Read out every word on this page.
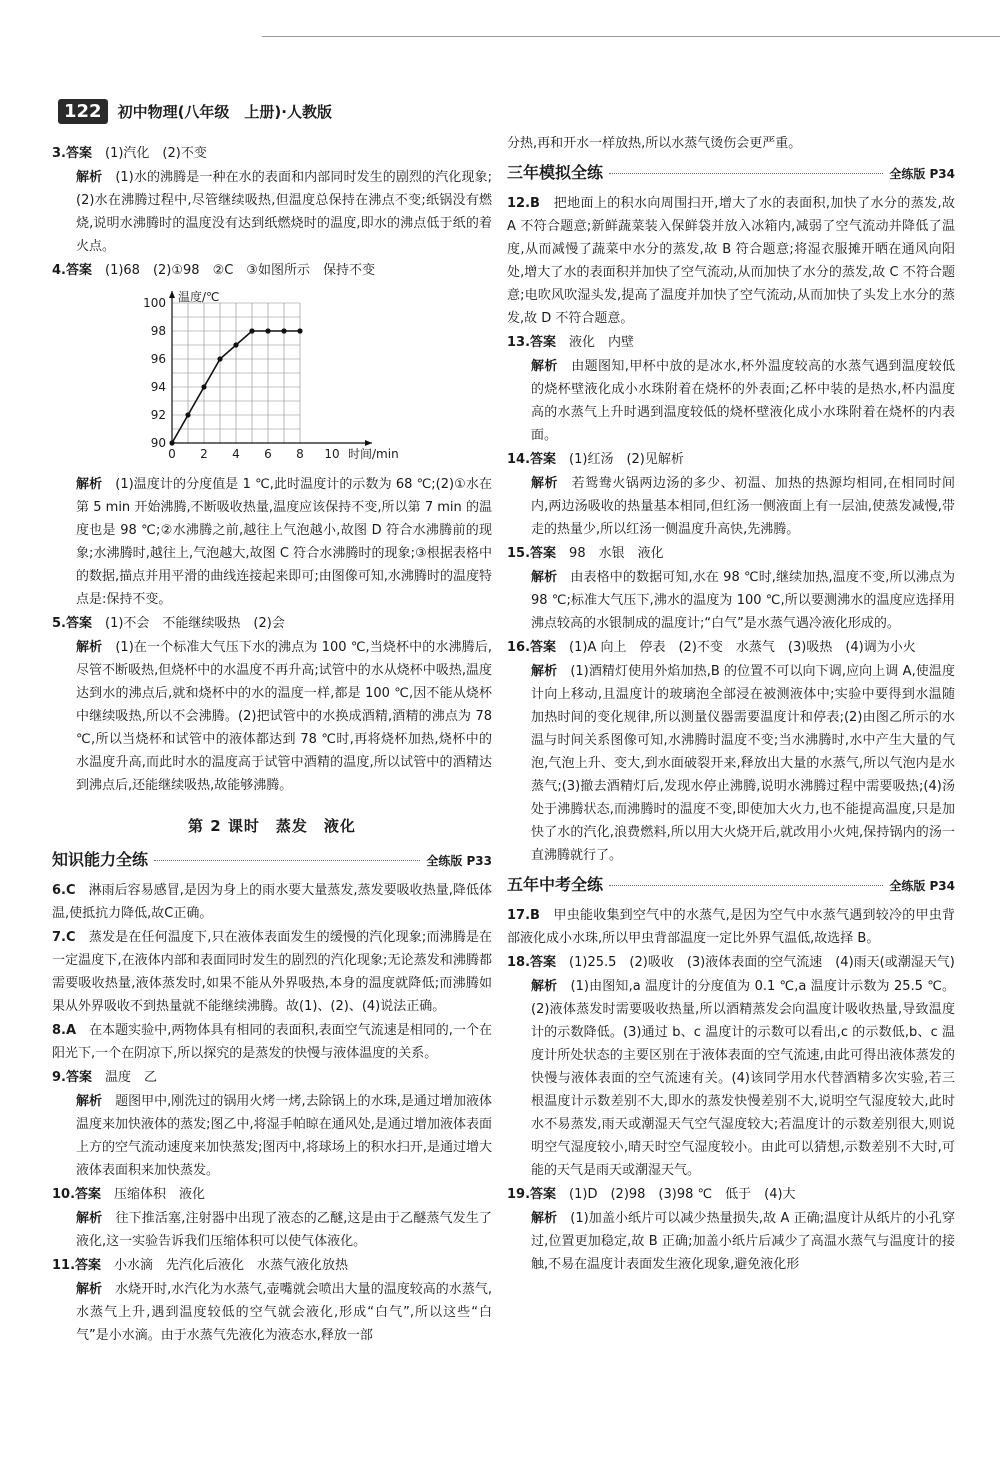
122	初中物理(八年级　上册)·人教版

3.答案　 (1)汽化　(2)不变

解析　 (1)水的沸腾是一种在水的表面和内部同时发生的剧烈的汽化现象;(2)水在沸腾过程中,尽管继续吸热,但温度总保持在沸点不变;纸锅没有燃烧,说明水沸腾时的温度没有达到纸燃烧时的温度,即水的沸点低于纸的着火点。

4.答案　 (1)68　(2)①98　②C　③如图所示　保持不变

0 2 4 6 8 10
90
92
94
96
98
100 温度/℃
时间/min

解析　 (1)温度计的分度值是 1 ℃,此时温度计的示数为 68 ℃;(2)①水在第 5 min 开始沸腾,不断吸收热量,温度应该保持不变,所以第 7 min 的温度也是 98 ℃;②水沸腾之前,越往上气泡越小,故图 D 符合水沸腾前的现象;水沸腾时,越往上,气泡越大,故图 C 符合水沸腾时的现象;③根据表格中的数据,描点并用平滑的曲线连接起来即可;由图像可知,水沸腾时的温度特点是:保持不变。

5.答案　 (1)不会　不能继续吸热　(2)会

解析　 (1)在一个标准大气压下水的沸点为 100 ℃,当烧杯中的水沸腾后,尽管不断吸热,但烧杯中的水温度不再升高;试管中的水从烧杯中吸热,温度达到水的沸点后,就和烧杯中的水的温度一样,都是 100 ℃,因不能从烧杯中继续吸热,所以不会沸腾。(2)把试管中的水换成酒精,酒精的沸点为 78 ℃,所以当烧杯和试管中的液体都达到 78 ℃时,再将烧杯加热,烧杯中的水温度升高,而此时水的温度高于试管中酒精的温度,所以试管中的酒精达到沸点后,还能继续吸热,故能够沸腾。

第 2 课时　蒸发　液化
知识能力全练	全练版 P33

6.C　 淋雨后容易感冒,是因为身上的雨水要大量蒸发,蒸发要吸收热量,降低体温,使抵抗力降低,故C正确。

7.C　 蒸发是在任何温度下,只在液体表面发生的缓慢的汽化现象;而沸腾是在一定温度下,在液体内部和表面同时发生的剧烈的汽化现象;无论蒸发和沸腾都需要吸收热量,液体蒸发时,如果不能从外界吸热,本身的温度就降低;而沸腾如果从外界吸收不到热量就不能继续沸腾。故(1)、(2)、(4)说法正确。

8.A　 在本题实验中,两物体具有相同的表面积,表面空气流速是相同的,一个在阳光下,一个在阴凉下,所以探究的是蒸发的快慢与液体温度的关系。

9.答案　 温度　乙

解析　 题图甲中,刚洗过的锅用火烤一烤,去除锅上的水珠,是通过增加液体温度来加快液体的蒸发;图乙中,将湿手帕晾在通风处,是通过增加液体表面上方的空气流动速度来加快蒸发;图丙中,将球场上的积水扫开,是通过增大液体表面积来加快蒸发。

10.答案　 压缩体积　液化

解析　 往下推活塞,注射器中出现了液态的乙醚,这是由于乙醚蒸气发生了液化,这一实验告诉我们压缩体积可以使气体液化。

11.答案　 小水滴　先汽化后液化　水蒸气液化放热

解析　 水烧开时,水汽化为水蒸气,壶嘴就会喷出大量的温度较高的水蒸气,水蒸气上升,遇到温度较低的空气就会液化,形成“白气”,所以这些“白气”是小水滴。由于水蒸气先液化为液态水,释放一部

分热,再和开水一样放热,所以水蒸气烫伤会更严重。

三年模拟全练	全练版 P34

12.B　 把地面上的积水向周围扫开,增大了水的表面积,加快了水分的蒸发,故 A 不符合题意;新鲜蔬菜装入保鲜袋并放入冰箱内,减弱了空气流动并降低了温度,从而减慢了蔬菜中水分的蒸发,故 B 符合题意;将湿衣服摊开晒在通风向阳处,增大了水的表面积并加快了空气流动,从而加快了水分的蒸发,故 C 不符合题意;电吹风吹湿头发,提高了温度并加快了空气流动,从而加快了头发上水分的蒸发,故 D 不符合题意。

13.答案　 液化　内壁

解析　 由题图知,甲杯中放的是冰水,杯外温度较高的水蒸气遇到温度较低的烧杯壁液化成小水珠附着在烧杯的外表面;乙杯中装的是热水,杯内温度高的水蒸气上升时遇到温度较低的烧杯壁液化成小水珠附着在烧杯的内表面。

14.答案　 (1)红汤　(2)见解析

解析　 若鸳鸯火锅两边汤的多少、初温、加热的热源均相同,在相同时间内,两边汤吸收的热量基本相同,但红汤一侧液面上有一层油,使蒸发减慢,带走的热量少,所以红汤一侧温度升高快,先沸腾。

15.答案　 98　水银　液化

解析　 由表格中的数据可知,水在 98 ℃时,继续加热,温度不变,所以沸点为 98 ℃;标准大气压下,沸水的温度为 100 ℃,所以要测沸水的温度应选择用沸点较高的水银制成的温度计;“白气”是水蒸气遇冷液化形成的。

16.答案　 (1)A 向上　停表　(2)不变　水蒸气　(3)吸热　(4)调为小火

解析　 (1)酒精灯使用外焰加热,B 的位置不可以向下调,应向上调 A,使温度计向上移动,且温度计的玻璃泡全部浸在被测液体中;实验中要得到水温随加热时间的变化规律,所以测量仪器需要温度计和停表;(2)由图乙所示的水温与时间关系图像可知,水沸腾时温度不变;当水沸腾时,水中产生大量的气泡,气泡上升、变大,到水面破裂开来,释放出大量的水蒸气,所以气泡内是水蒸气;(3)撤去酒精灯后,发现水停止沸腾,说明水沸腾过程中需要吸热;(4)汤处于沸腾状态,而沸腾时的温度不变,即使加大火力,也不能提高温度,只是加快了水的汽化,浪费燃料,所以用大火烧开后,就改用小火炖,保持锅内的汤一直沸腾就行了。

五年中考全练	全练版 P34

17.B　 甲虫能收集到空气中的水蒸气,是因为空气中水蒸气遇到较冷的甲虫背部液化成小水珠,所以甲虫背部温度一定比外界气温低,故选择 B。

18.答案　 (1)25.5　(2)吸收　(3)液体表面的空气流速　(4)雨天(或潮湿天气)

解析　 (1)由图知,a 温度计的分度值为 0.1 ℃,a 温度计示数为 25.5 ℃。(2)液体蒸发时需要吸收热量,所以酒精蒸发会向温度计吸收热量,导致温度计的示数降低。(3)通过 b、c 温度计的示数可以看出,c 的示数低,b、c 温度计所处状态的主要区别在于液体表面的空气流速,由此可得出液体蒸发的快慢与液体表面的空气流速有关。(4)该同学用水代替酒精多次实验,若三根温度计示数差别不大,即水的蒸发快慢差别不大,说明空气湿度较大,此时水不易蒸发,雨天或潮湿天气空气湿度较大;若温度计的示数差别很大,则说明空气湿度较小,晴天时空气湿度较小。由此可以猜想,示数差别不大时,可能的天气是雨天或潮湿天气。

19.答案　 (1)D　(2)98　(3)98 ℃　低于　(4)大

解析　 (1)加盖小纸片可以减少热量损失,故 A 正确;温度计从纸片的小孔穿过,位置更加稳定,故 B 正确;加盖小纸片后减少了高温水蒸气与温度计的接触,不易在温度计表面发生液化现象,避免液化形
